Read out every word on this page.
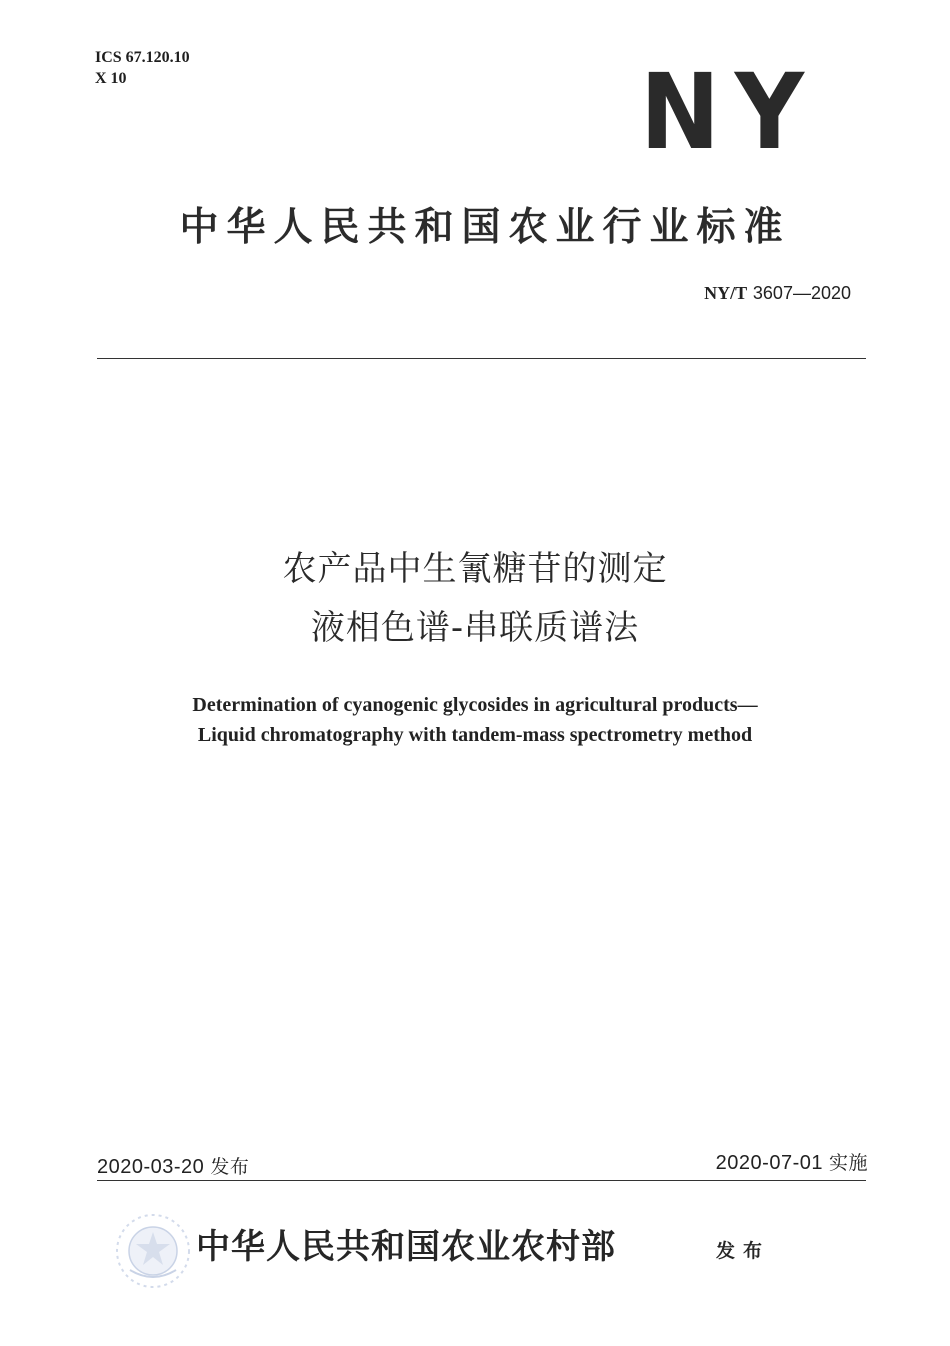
ICS 67.120.10
X 10	NY
中华人民共和国农业行业标准
NY/T 3607—2020
农产品中生氰糖苷的测定
液相色谱-串联质谱法
Determination of cyanogenic glycosides in agricultural products—
Liquid chromatography with tandem-mass spectrometry method
2020-03-20 发布	2020-07-01 实施
中华人民共和国农业农村部	发布
